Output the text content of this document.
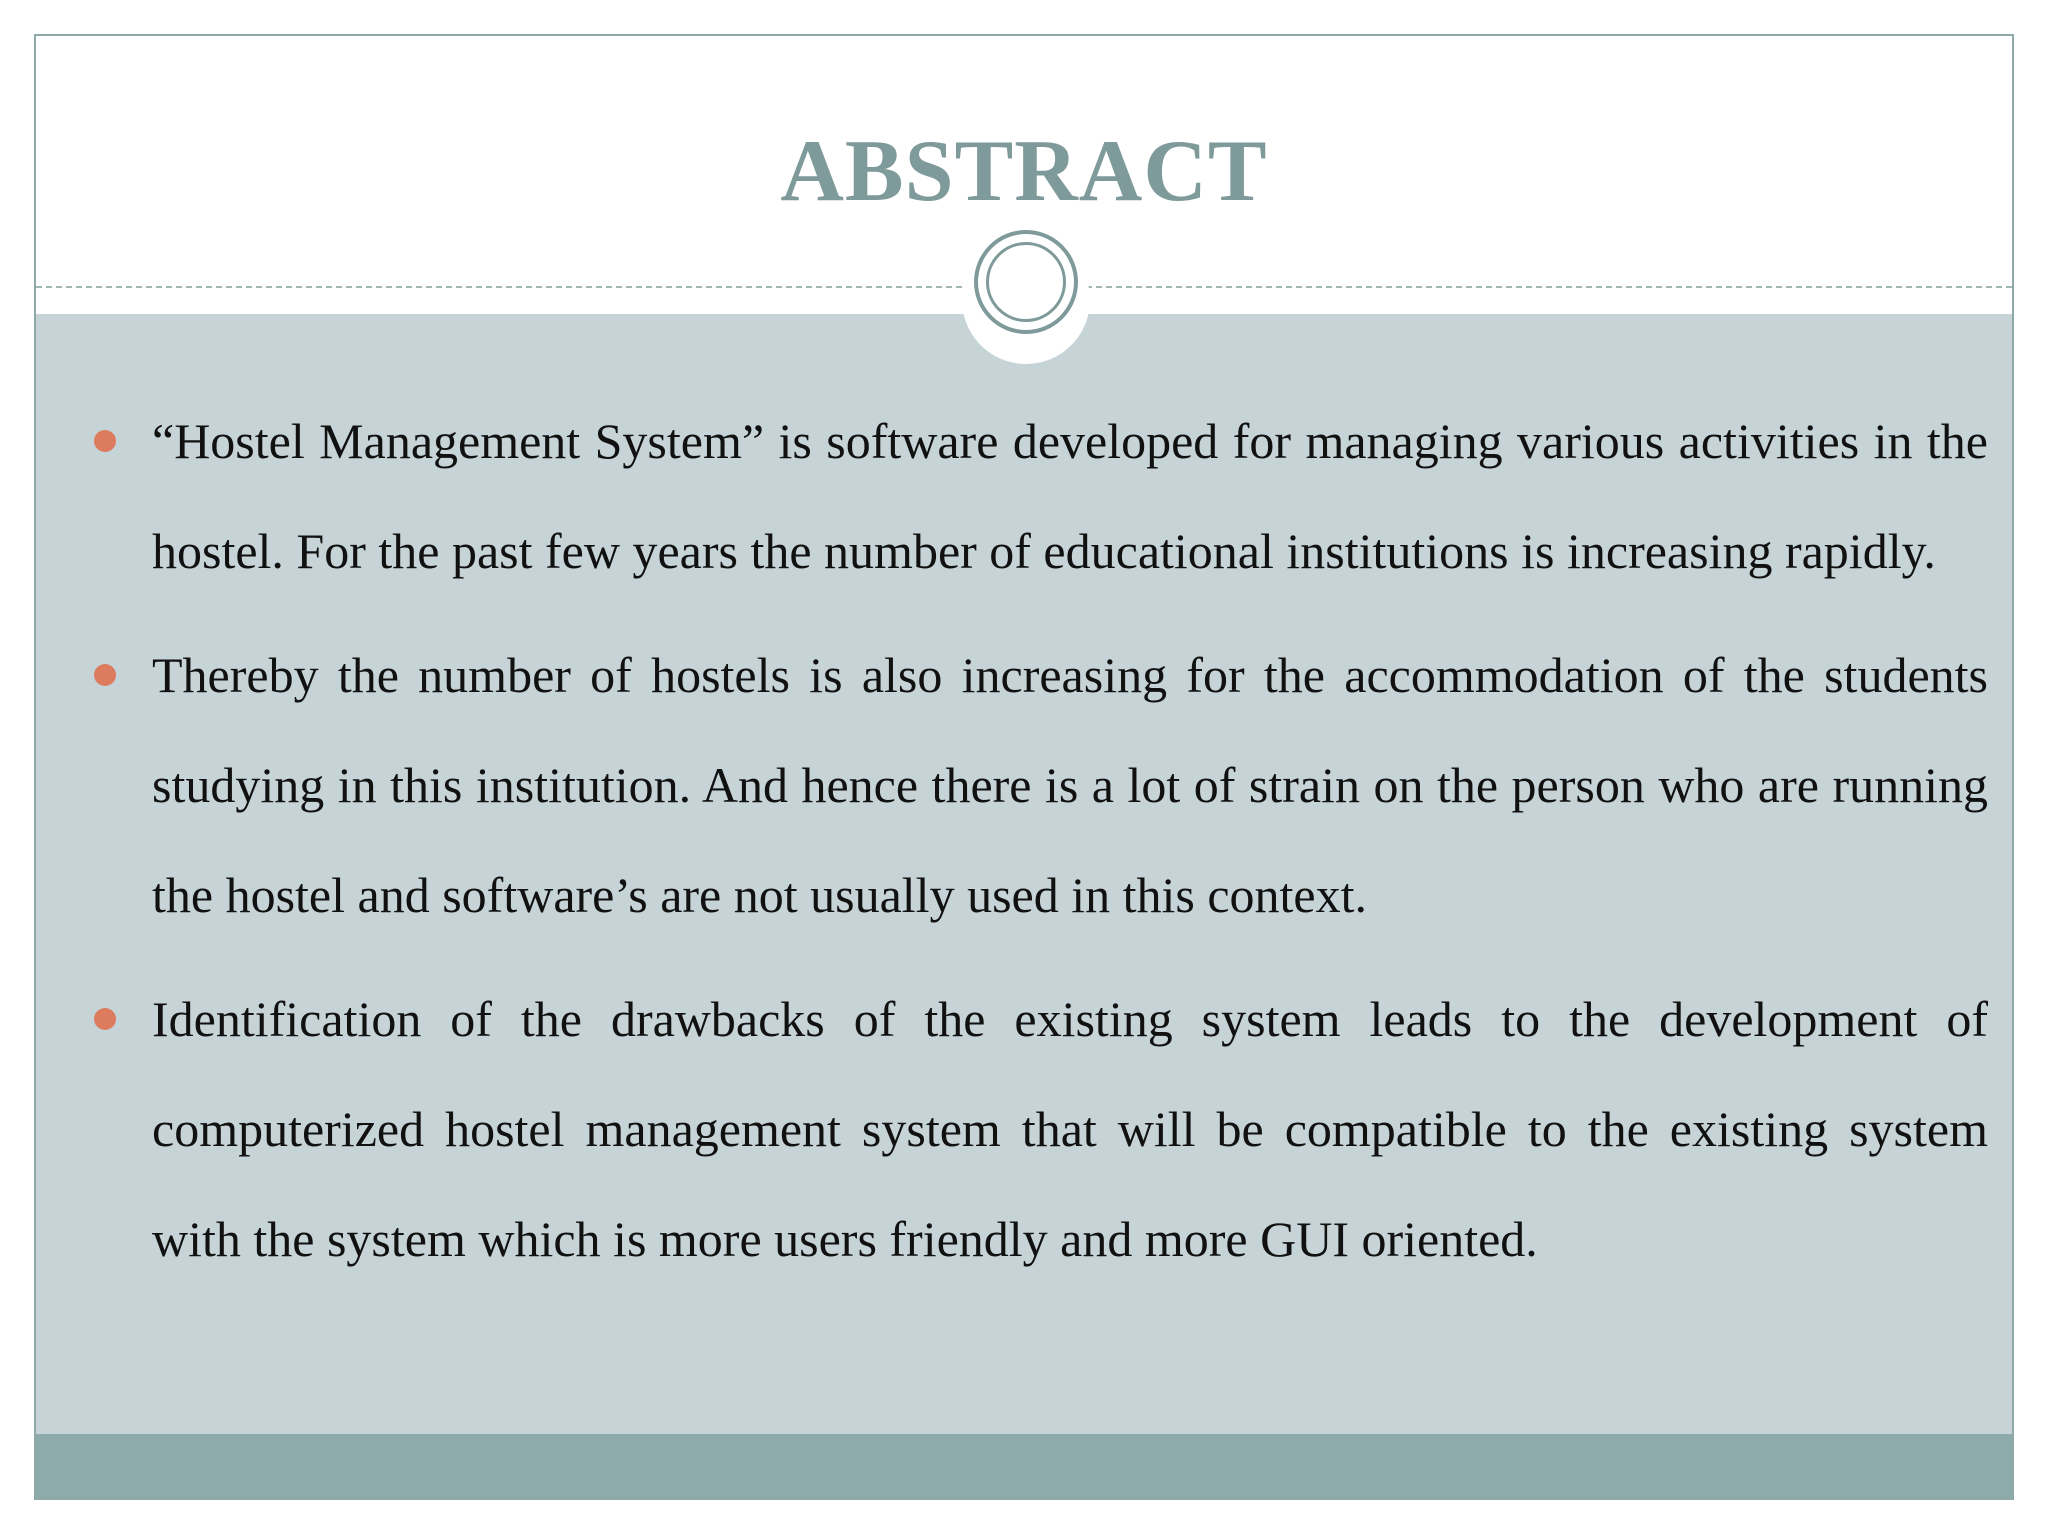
ABSTRACT

“Hostel Management System” is software developed for managing various activities in the hostel. For the past few years the number of educational institutions is increasing rapidly.

Thereby the number of hostels is also increasing for the accommodation of the students studying in this institution. And hence there is a lot of strain on the person who are running the hostel and software’s are not usually used in this context.

Identification of the drawbacks of the existing system leads to the development of computerized hostel management system that will be compatible to the existing system with the system which is more users friendly and more GUI oriented.
